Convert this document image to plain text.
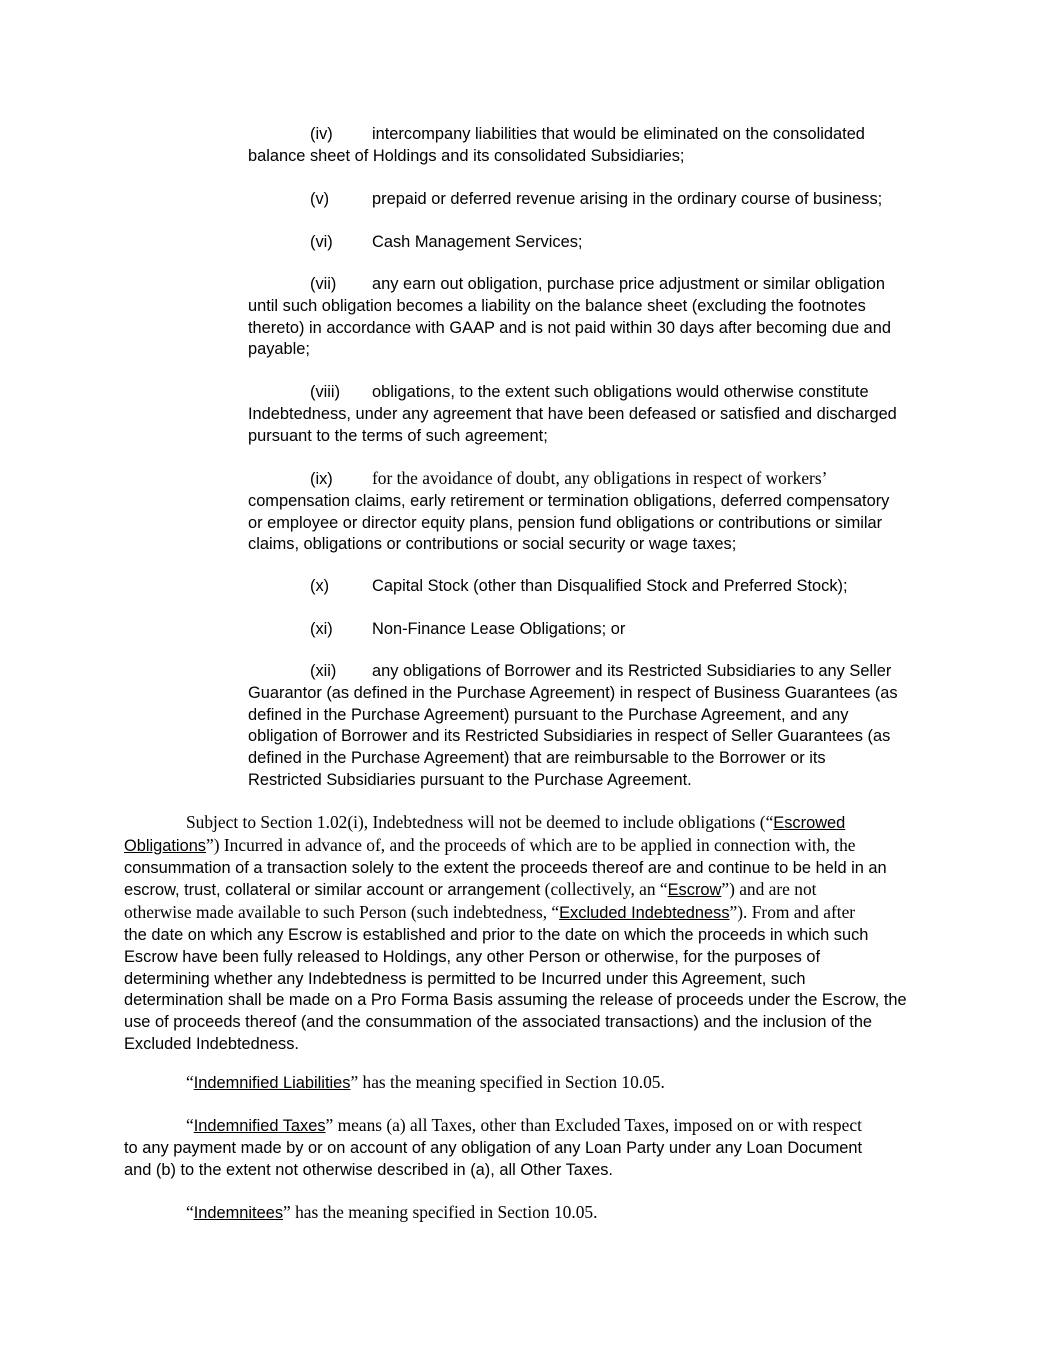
(iv) intercompany liabilities that would be eliminated on the consolidated
balance sheet of Holdings and its consolidated Subsidiaries;
(v)	prepaid or deferred revenue arising in the ordinary course of business;
(vi) Cash Management Services;
(vii) any earn out obligation, purchase price adjustment or similar obligation
until such obligation becomes a liability on the balance sheet (excluding the footnotes
thereto) in accordance with GAAP and is not paid within 30 days after becoming due and
payable;
(viii) obligations, to the extent such obligations would otherwise constitute
Indebtedness, under any agreement that have been defeased or satisfied and discharged
pursuant to the terms of such agreement;
(ix) for the avoidance of doubt, any obligations in respect of workers’
compensation claims, early retirement or termination obligations, deferred compensatory
or employee or director equity plans, pension fund obligations or contributions or similar
claims, obligations or contributions or social security or wage taxes;
(x)	Capital Stock (other than Disqualified Stock and Preferred Stock);
(xi) Non-Finance Lease Obligations; or
(xii) any obligations of Borrower and its Restricted Subsidiaries to any Seller
Guarantor (as defined in the Purchase Agreement) in respect of Business Guarantees (as
defined in the Purchase Agreement) pursuant to the Purchase Agreement, and any
obligation of Borrower and its Restricted Subsidiaries in respect of Seller Guarantees (as
defined in the Purchase Agreement) that are reimbursable to the Borrower or its
Restricted Subsidiaries pursuant to the Purchase Agreement.
Subject to Section 1.02(i), Indebtedness will not be deemed to include obligations (“Escrowed
Obligations”) Incurred in advance of, and the proceeds of which are to be applied in connection with, the
consummation of a transaction solely to the extent the proceeds thereof are and continue to be held in an
escrow, trust, collateral or similar account or arrangement (collectively, an “Escrow”) and are not
otherwise made available to such Person (such indebtedness, “Excluded Indebtedness”). From and after
the date on which any Escrow is established and prior to the date on which the proceeds in which such
Escrow have been fully released to Holdings, any other Person or otherwise, for the purposes of
determining whether any Indebtedness is permitted to be Incurred under this Agreement, such
determination shall be made on a Pro Forma Basis assuming the release of proceeds under the Escrow, the
use of proceeds thereof (and the consummation of the associated transactions) and the inclusion of the
Excluded Indebtedness.
“Indemnified Liabilities” has the meaning specified in Section 10.05.
“Indemnified Taxes” means (a) all Taxes, other than Excluded Taxes, imposed on or with respect
to any payment made by or on account of any obligation of any Loan Party under any Loan Document
and (b) to the extent not otherwise described in (a), all Other Taxes.
“Indemnitees” has the meaning specified in Section 10.05.
